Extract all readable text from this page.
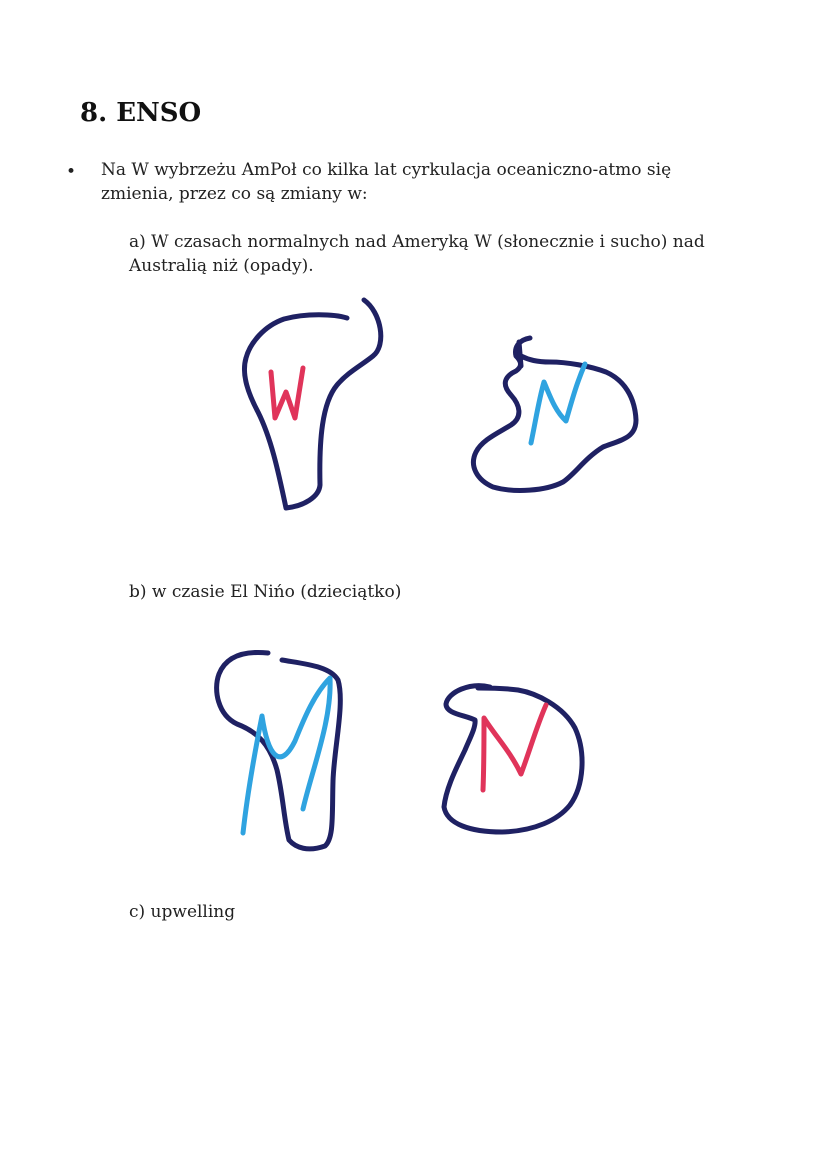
8. ENSO
• Na W wybrzeżu AmPoł co kilka lat cyrkulacja oceaniczno-atmo się zmienia, przez co są zmiany w:
a) W czasach normalnych nad Ameryką W (słonecznie i sucho) nad Australią niż (opady).
b) w czasie El Nińo (dzieciątko)
c) upwelling
